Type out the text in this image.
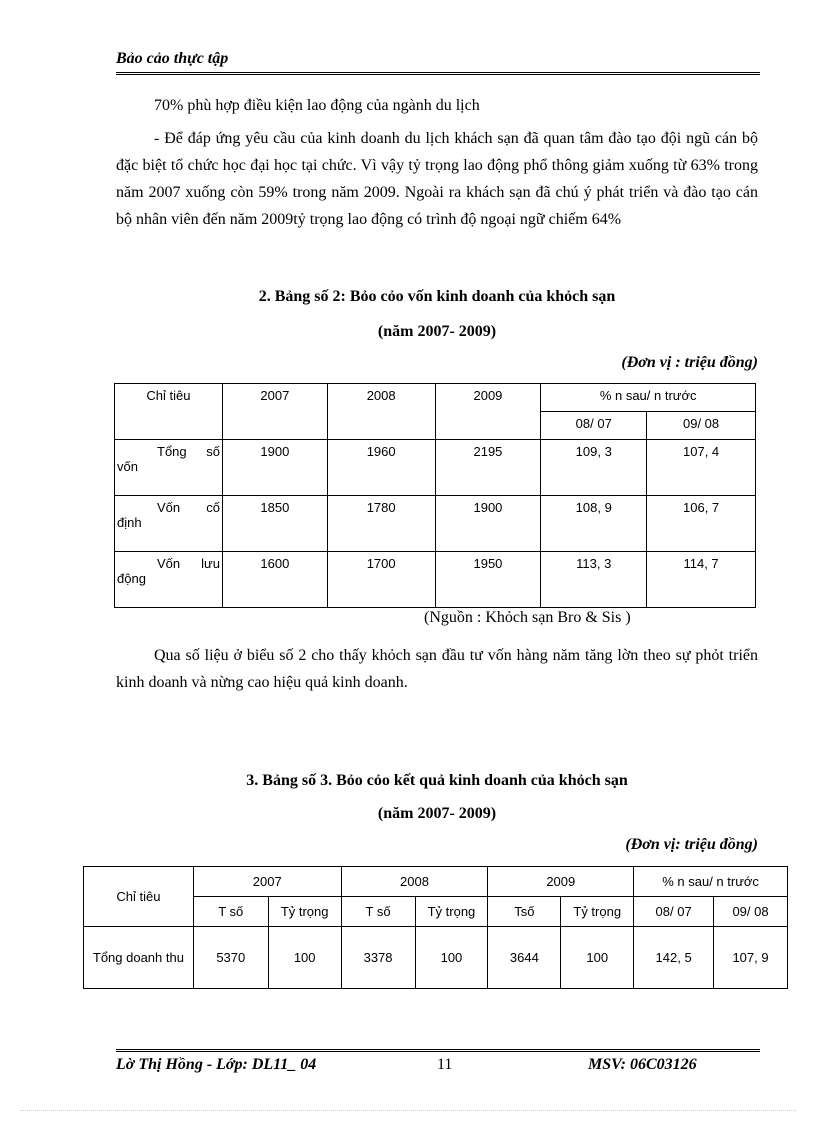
Bảo cảo thực tập
70% phù hợp điều kiện lao động của ngành du lịch
- Để đáp ứng yêu cầu của kinh doanh du lịch khách sạn đã quan tâm đào tạo đội ngũ cán bộ đặc biệt tổ chức học đại học tại chức. Vì vậy tỷ trọng lao động phổ thông giảm xuống từ 63% trong năm 2007 xuống còn 59% trong năm 2009. Ngoài ra khách sạn đã chú ý phát triển và đào tạo cán bộ nhân viên đến năm 2009tỷ trọng lao động có trình độ ngoại ngữ chiếm 64%
2. Bảng số 2: Bỏo cỏo vốn kinh doanh của khỏch sạn
(năm 2007- 2009)
(Đơn vị : triệu đồng)
Chỉ tiêu	2007	2008	2009	% n sau/ n trước	
				08/ 07	09/ 08

Tổng số
vốn	1900	1960	2195	109, 3	107, 4

Vốn cố
định	1850	1780	1900	108, 9	106, 7

Vốn lưu
động	1600	1700	1950	113, 3	114, 7
(Nguồn : Khỏch sạn Bro & Sis )
Qua số liệu ở biểu số 2 cho thấy khỏch sạn đầu tư vốn hàng năm tăng lờn theo sự phỏt triển kinh doanh và nừng cao hiệu quả kinh doanh.
3. Bảng số 3. Bỏo cỏo kết quả kinh doanh của khỏch sạn
(năm 2007- 2009)
(Đơn vị: triệu đồng)
Chỉ tiêu	2007		2008		2009		% n sau/ n trước	
	T số	Tỷ trọng	T số	Tỷ trọng	Tsố	Tỷ trọng	08/ 07	09/ 08
Tổng doanh thu	5370	100	3378	100	3644	100	142, 5	107, 9
Lờ Thị Hồng - Lớp: DL11_ 04	11	MSV: 06C03126
